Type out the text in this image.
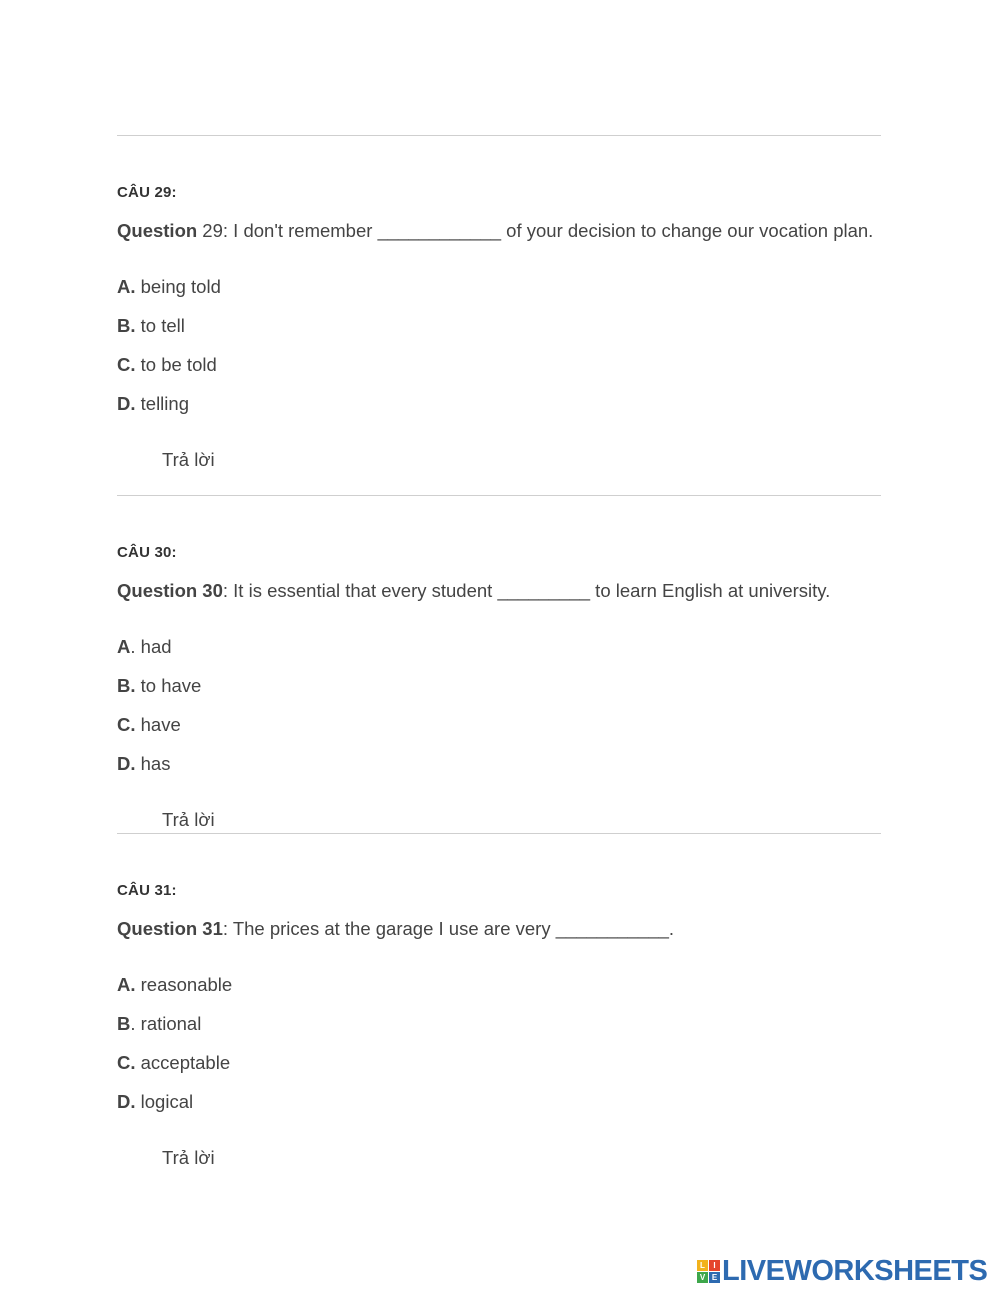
CÂU 29:
Question 29: I don't remember ____________ of your decision to change our vocation plan.
A. being told
B. to tell
C. to be told
D. telling
Trả lời
CÂU 30:
Question 30: It is essential that every student _________ to learn English at university.
A. had
B. to have
C. have
D. has
Trả lời
CÂU 31:
Question 31: The prices at the garage I use are very ___________.
A. reasonable
B. rational
C. acceptable
D. logical
Trả lời
L	I
V E LIVEWORKSHEETS
